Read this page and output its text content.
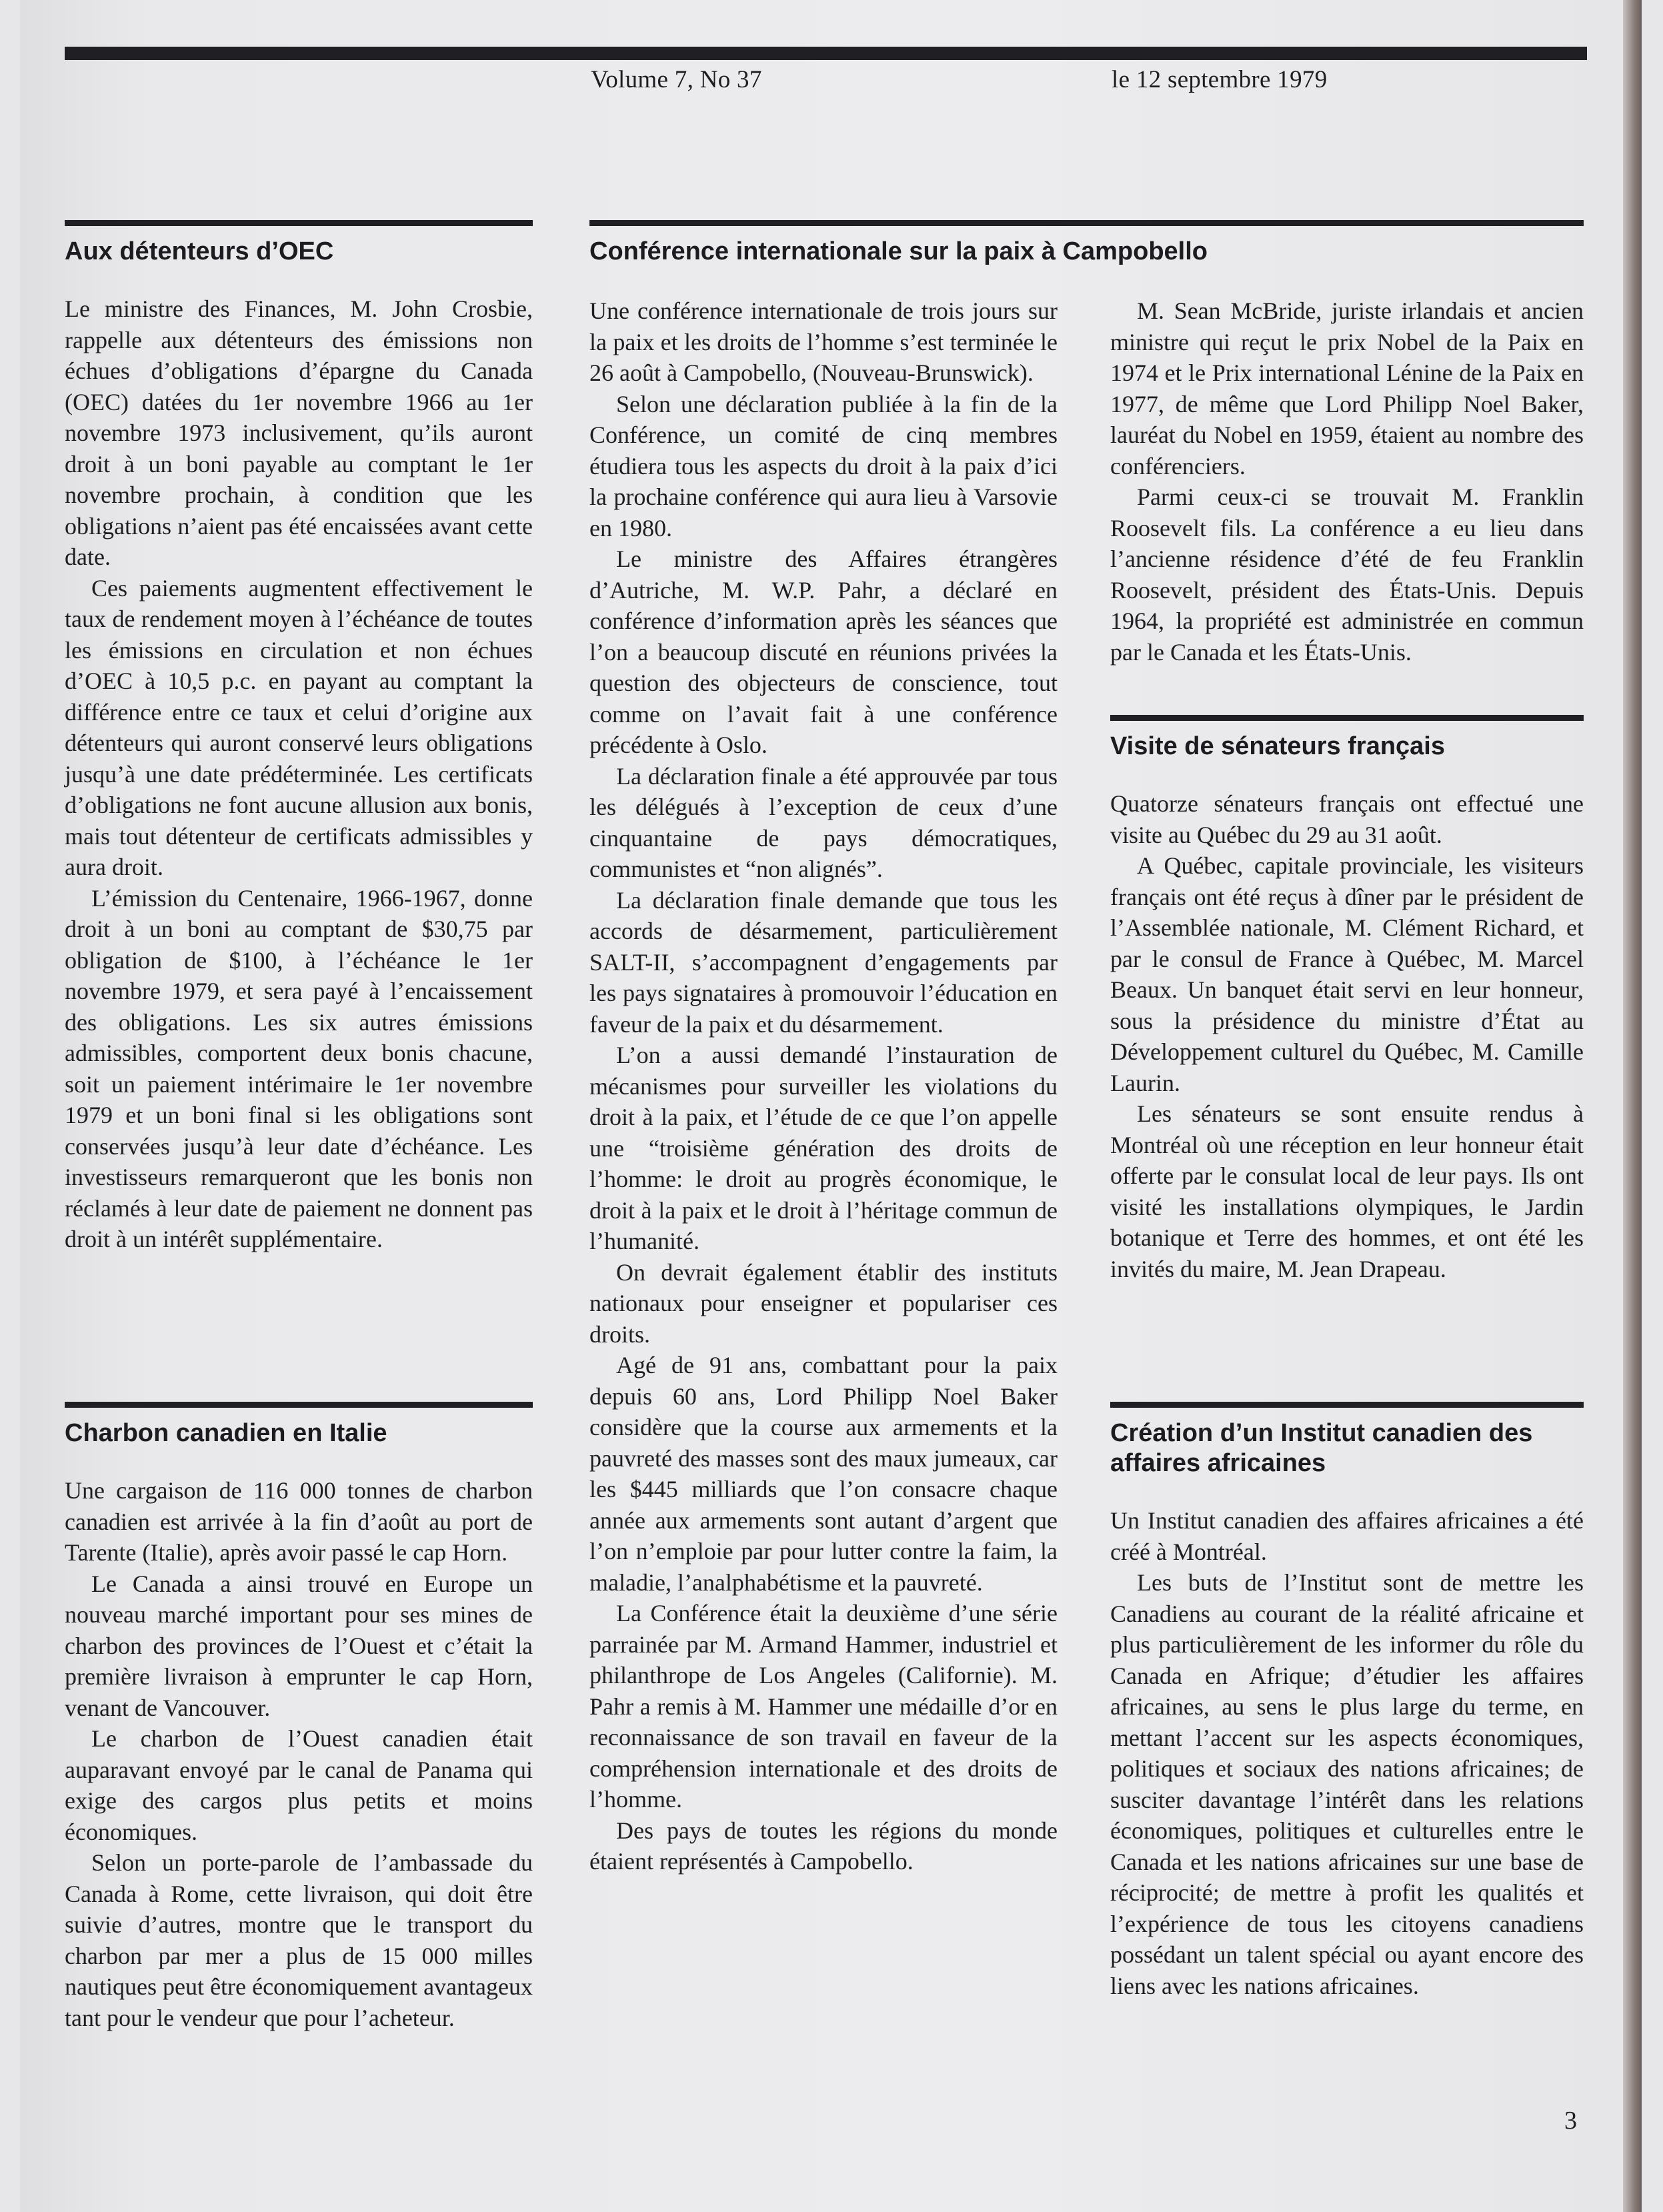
Volume 7, No 37	le 12 septembre 1979
Aux détenteurs d’OEC

Le ministre des Finances, M. John Crosbie, rappelle aux détenteurs des émissions non échues d’obligations d’épargne du Canada (OEC) datées du 1er novembre 1966 au 1er novembre 1973 inclusivement, qu’ils auront droit à un boni payable au comptant le 1er novembre prochain, à condition que les obligations n’aient pas été encaissées avant cette date.

Ces paiements augmentent effectivement le taux de rendement moyen à l’échéance de toutes les émissions en circulation et non échues d’OEC à 10,5 p.c. en payant au comptant la différence entre ce taux et celui d’origine aux détenteurs qui auront conservé leurs obligations jusqu’à une date prédéterminée. Les certificats d’obligations ne font aucune allusion aux bonis, mais tout détenteur de certificats admissibles y aura droit.

L’émission du Centenaire, 1966-1967, donne droit à un boni au comptant de $30,75 par obligation de $100, à l’échéance le 1er novembre 1979, et sera payé à l’encaissement des obligations. Les six autres émissions admissibles, comportent deux bonis chacune, soit un paiement intérimaire le 1er novembre 1979 et un boni final si les obligations sont conservées jusqu’à leur date d’échéance. Les investisseurs remarqueront que les bonis non réclamés à leur date de paiement ne donnent pas droit à un intérêt supplémentaire.

Charbon canadien en Italie

Une cargaison de 116 000 tonnes de charbon canadien est arrivée à la fin d’août au port de Tarente (Italie), après avoir passé le cap Horn.

Le Canada a ainsi trouvé en Europe un nouveau marché important pour ses mines de charbon des provinces de l’Ouest et c’était la première livraison à emprunter le cap Horn, venant de Vancouver.

Le charbon de l’Ouest canadien était auparavant envoyé par le canal de Panama qui exige des cargos plus petits et moins économiques.

Selon un porte-parole de l’ambassade du Canada à Rome, cette livraison, qui doit être suivie d’autres, montre que le transport du charbon par mer a plus de 15 000 milles nautiques peut être économiquement avantageux tant pour le vendeur que pour l’acheteur.

Conférence internationale sur la paix à Campobello

Une conférence internationale de trois jours sur la paix et les droits de l’homme s’est terminée le 26 août à Campobello, (Nouveau-Brunswick).

Selon une déclaration publiée à la fin de la Conférence, un comité de cinq membres étudiera tous les aspects du droit à la paix d’ici la prochaine conférence qui aura lieu à Varsovie en 1980.

Le ministre des Affaires étrangères d’Autriche, M. W.P. Pahr, a déclaré en conférence d’information après les séances que l’on a beaucoup discuté en réunions privées la question des objecteurs de conscience, tout comme on l’avait fait à une conférence précédente à Oslo.

La déclaration finale a été approuvée par tous les délégués à l’exception de ceux d’une cinquantaine de pays démocratiques, communistes et “non alignés”.

La déclaration finale demande que tous les accords de désarmement, particulièrement SALT-II, s’accompagnent d’engagements par les pays signataires à promouvoir l’éducation en faveur de la paix et du désarmement.

L’on a aussi demandé l’instauration de mécanismes pour surveiller les violations du droit à la paix, et l’étude de ce que l’on appelle une “troisième génération des droits de l’homme: le droit au progrès économique, le droit à la paix et le droit à l’héritage commun de l’humanité.

On devrait également établir des instituts nationaux pour enseigner et populariser ces droits.

Agé de 91 ans, combattant pour la paix depuis 60 ans, Lord Philipp Noel Baker considère que la course aux armements et la pauvreté des masses sont des maux jumeaux, car les $445 milliards que l’on consacre chaque année aux armements sont autant d’argent que l’on n’emploie par pour lutter contre la faim, la maladie, l’analphabétisme et la pauvreté.

La Conférence était la deuxième d’une série parrainée par M. Armand Hammer, industriel et philanthrope de Los Angeles (Californie). M. Pahr a remis à M. Hammer une médaille d’or en reconnaissance de son travail en faveur de la compréhension internationale et des droits de l’homme.

Des pays de toutes les régions du monde étaient représentés à Campobello.

M. Sean McBride, juriste irlandais et ancien ministre qui reçut le prix Nobel de la Paix en 1974 et le Prix international Lénine de la Paix en 1977, de même que Lord Philipp Noel Baker, lauréat du Nobel en 1959, étaient au nombre des conférenciers.

Parmi ceux-ci se trouvait M. Franklin Roosevelt fils. La conférence a eu lieu dans l’ancienne résidence d’été de feu Franklin Roosevelt, président des États-Unis. Depuis 1964, la propriété est administrée en commun par le Canada et les États-Unis.

Visite de sénateurs français

Quatorze sénateurs français ont effectué une visite au Québec du 29 au 31 août.

A Québec, capitale provinciale, les visiteurs français ont été reçus à dîner par le président de l’Assemblée nationale, M. Clément Richard, et par le consul de France à Québec, M. Marcel Beaux. Un banquet était servi en leur honneur, sous la présidence du ministre d’État au Développement culturel du Québec, M. Camille Laurin.

Les sénateurs se sont ensuite rendus à Montréal où une réception en leur honneur était offerte par le consulat local de leur pays. Ils ont visité les installations olympiques, le Jardin botanique et Terre des hommes, et ont été les invités du maire, M. Jean Drapeau.

Création d’un Institut canadien des affaires africaines

Un Institut canadien des affaires africaines a été créé à Montréal.

Les buts de l’Institut sont de mettre les Canadiens au courant de la réalité africaine et plus particulièrement de les informer du rôle du Canada en Afrique; d’étudier les affaires africaines, au sens le plus large du terme, en mettant l’accent sur les aspects économiques, politiques et sociaux des nations africaines; de susciter davantage l’intérêt dans les relations économiques, politiques et culturelles entre le Canada et les nations africaines sur une base de réciprocité; de mettre à profit les qualités et l’expérience de tous les citoyens canadiens possédant un talent spécial ou ayant encore des liens avec les nations africaines.

3
